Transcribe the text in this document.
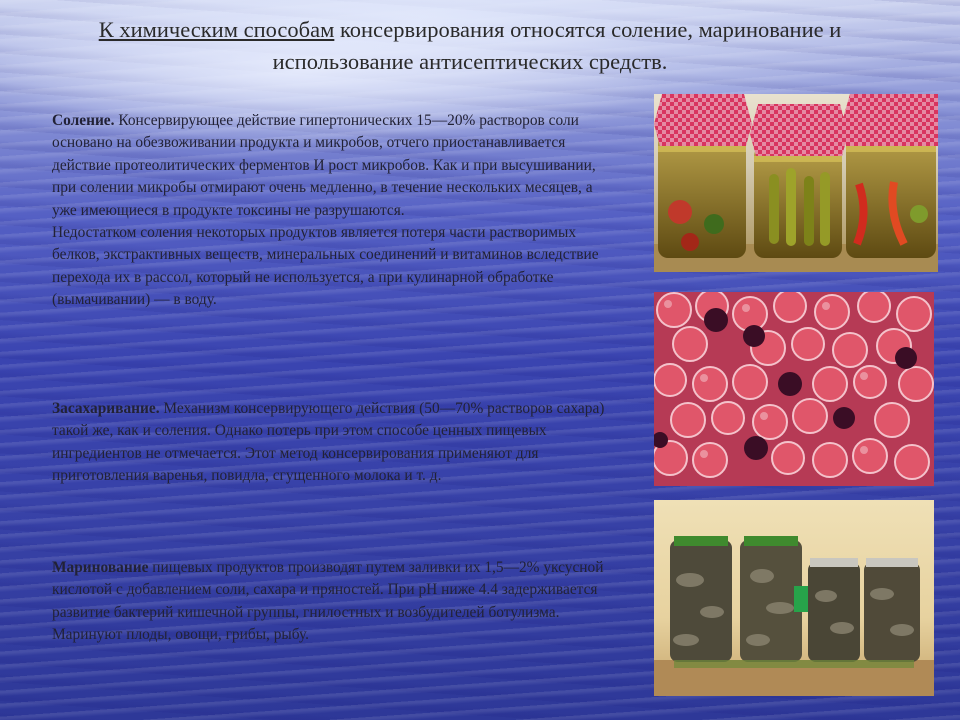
К химическим способам консервирования относятся соление, маринование и использование антисептических средств.
Соление. Консервирующее действие гипертонических 15—20% растворов соли основано на обезвоживании продукта и микробов, отчего приостанавливается действие протеолитических ферментов И рост микробов. Как и при высушивании, при солении микробы отмирают очень медленно, в течение нескольких месяцев, а уже имеющиеся в продукте токсины не разрушаются.
Недостатком соления некоторых продуктов является потеря части растворимых белков, экстрактивных веществ, минеральных соединений и витаминов вследствие перехода их в рассол, который не используется, а при кулинарной обработке (вымачивании) — в воду.
Засахаривание. Механизм консервирующего действия (50—70% раствоpов сахара) такой же, как и соления. Однако потерь при этом способе ценных пищевых ингредиентов не отмечается. Этот метод консервирования применяют для приготовления варенья, повидла, сгущенного молока и т. д.
Маринование пищевых продуктов производят путем заливки их 1,5—2% уксусной кислотой с добавлением соли, сахара и пряностей. При рН ниже 4.4 задерживается развитие бактерий кишечной группы, гнилостных и возбудителей ботулизма. Маринуют плоды, овощи, грибы, рыбу.
